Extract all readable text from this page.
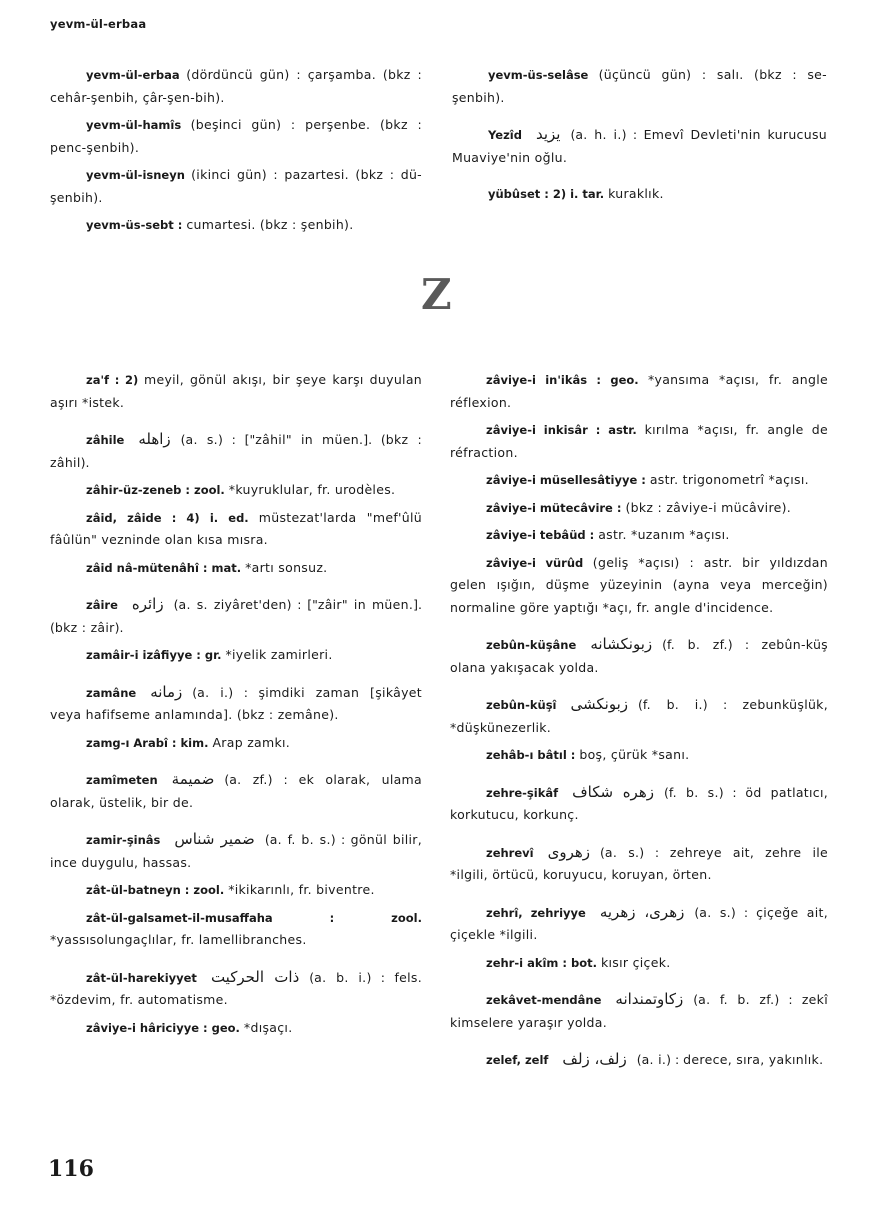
yevm-ül-erbaa
yevm-ül-erbaa (dördüncü gün) : çarşamba. (bkz : cehâr-şenbih, çâr-şen-bih).
yevm-ül-hamîs (beşinci gün) : perşenbe. (bkz : penc-şenbih).
yevm-ül-isneyn (ikinci gün) : pazartesi. (bkz : dü-şenbih).
yevm-üs-sebt : cumartesi. (bkz : şenbih).
yevm-üs-selâse (üçüncü gün) : salı. (bkz : se-şenbih).
Yezîd يزيد (a. h. i.) : Emevî Devleti'nin kurucusu Muaviye'nin oğlu.
yübûset : 2) i. tar. kuraklık.
Z
za'f : 2) meyil, gönül akışı, bir şeye karşı duyulan aşırı *istek.
zâhile زاهله (a. s.) : ["zâhil" in müen.]. (bkz : zâhil).
zâhir-üz-zeneb : zool. *kuyruklular, fr. urodèles.
zâid, zâide : 4) i. ed. müstezat'larda "mef'ûlü fâûlün" vezninde olan kısa mısra.
zâid nâ-mütenâhî : mat. *artı sonsuz.
zâire زائره (a. s. ziyâret'den) : ["zâir" in müen.]. (bkz : zâir).
zamâir-i izâfiyye : gr. *iyelik zamirleri.
zamâne زمانه (a. i.) : şimdiki zaman [şikâyet veya hafifseme anlamında]. (bkz : zemâne).
zamg-ı Arabî : kim. Arap zamkı.
zamîmeten ضميمة (a. zf.) : ek olarak, ulama olarak, üstelik, bir de.
zamir-şinâs ضمير شناس (a. f. b. s.) : gönül bilir, ince duygulu, hassas.
zât-ül-batneyn : zool. *ikikarınlı, fr. biventre.
zât-ül-galsamet-il-musaffaha : zool. *yassısolungaçlılar, fr. lamellibranches.
zât-ül-harekiyyet ذات الحركيت (a. b. i.) : fels. *özdevim, fr. automatisme.
zâviye-i hâriciyye : geo. *dışaçı.
zâviye-i in'ikâs : geo. *yansıma *açısı, fr. angle réflexion.
zâviye-i inkisâr : astr. kırılma *açısı, fr. angle de réfraction.
zâviye-i müsellesâtiyye : astr. trigonometrî *açısı.
zâviye-i mütecâvire : (bkz : zâviye-i mücâvire).
zâviye-i tebâüd : astr. *uzanım *açısı.
zâviye-i vürûd (geliş *açısı) : astr. bir yıldızdan gelen ışığın, düşme yüzeyinin (ayna veya merceğin) normaline göre yaptığı *açı, fr. angle d'incidence.
zebûn-küşâne زبونكشانه (f. b. zf.) : zebûn-küş olana yakışacak yolda.
zebûn-küşî زبونكشى (f. b. i.) : zebunküşlük, *düşkünezerlik.
zehâb-ı bâtıl : boş, çürük *sanı.
zehre-şikâf زهره شكاف (f. b. s.) : öd patlatıcı, korkutucu, korkunç.
zehrevî زهروى (a. s.) : zehreye ait, zehre ile *ilgili, örtücü, koruyucu, koruyan, örten.
zehrî, zehriyye زهرى، زهريه (a. s.) : çiçeğe ait, çiçekle *ilgili.
zehr-i akîm : bot. kısır çiçek.
zekâvet-mendâne زكاوتمندانه (a. f. b. zf.) : zekî kimselere yaraşır yolda.
zelef, zelf زلف، زلف (a. i.) : derece, sıra, yakınlık.
116
